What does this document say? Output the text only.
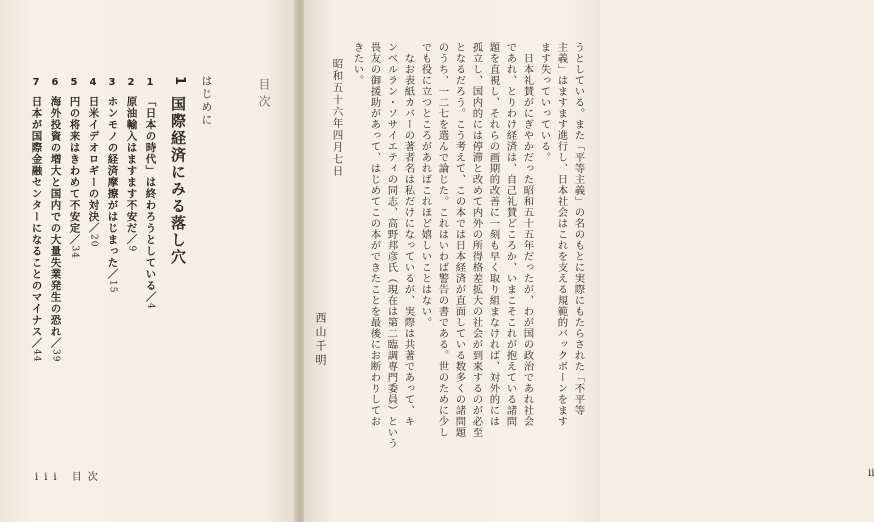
目次
はじめに
1
国際経済にみる落し穴
1
「日本の時代」は終わろうとしている／4
2
原油輸入はますます不安だ／9
3
ホンモノの経済摩擦がはじまった／15
4
日米イデオロギーの対決／20
5
円の将来はきわめて不安定／34
6
海外投資の増大と国内での大量失業発生の恐れ／39
7
日本が国際金融センターになることのマイナス／44
iii 目次	ii
うとしている。また「平等主義」の名のもとに実際にもたらされた「不平等
主義」はますます進行し、日本社会はこれを支える規範的バックボーンをます
ます失っていっている。
　日本礼賛がにぎやかだった昭和五十五年だったが、わが国の政治であれ社会
であれ、とりわけ経済は、自己礼賛どころか、いまこそこれが抱えている諸問
題を直視し、それらの画期的改善に一刻も早く取り組まなければ、対外的には
孤立し、国内的には停滞と改めて内外の所得格差拡大の社会が到来するのが必至
となるだろう。こう考えて、この本では日本経済が直面している数多くの諸問題
のうち、一二七を選んで論じた。これはいわば警告の書である。世のために少し
でも役に立つところがあればこれほど嬉しいことはない。
　なお表紙カバーの著者名は私だけになっているが、実際は共著であって、キ
ンベルラン・ソサイエティの同志、高野邦彦氏（現在は第二臨調専門委員）という
畏友の御援助があって、はじめてこの本ができたことを最後にお断わりしてお
きたい。
昭和五十六年四月七日
西山千明
